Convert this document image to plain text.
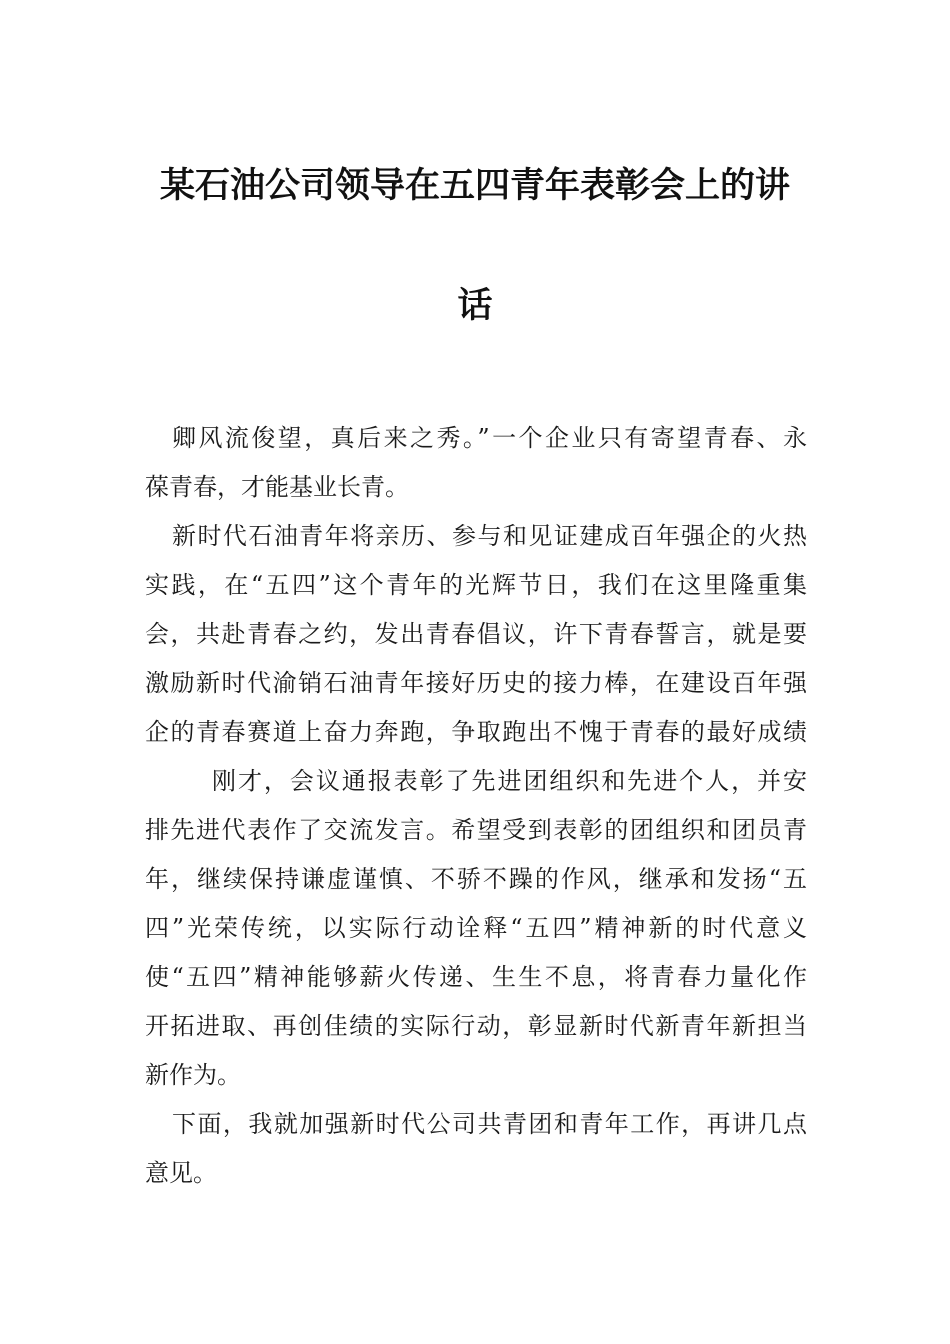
某石油公司领导在五四青年表彰会上的讲
话
卿风流俊望，真后来之秀。”一个企业只有寄望青春、永
葆青春，才能基业长青。
新时代石油青年将亲历、参与和见证建成百年强企的火热
实践，在“五四”这个青年的光辉节日，我们在这里隆重集
会，共赴青春之约，发出青春倡议，许下青春誓言，就是要
激励新时代渝销石油青年接好历史的接力棒，在建设百年强
企的青春赛道上奋力奔跑，争取跑出不愧于青春的最好成绩
刚才，会议通报表彰了先进团组织和先进个人，并安
排先进代表作了交流发言。希望受到表彰的团组织和团员青
年，继续保持谦虚谨慎、不骄不躁的作风，继承和发扬“五
四”光荣传统，以实际行动诠释“五四”精神新的时代意义
使“五四”精神能够薪火传递、生生不息，将青春力量化作
开拓进取、再创佳绩的实际行动，彰显新时代新青年新担当
新作为。
下面，我就加强新时代公司共青团和青年工作，再讲几点
意见。
